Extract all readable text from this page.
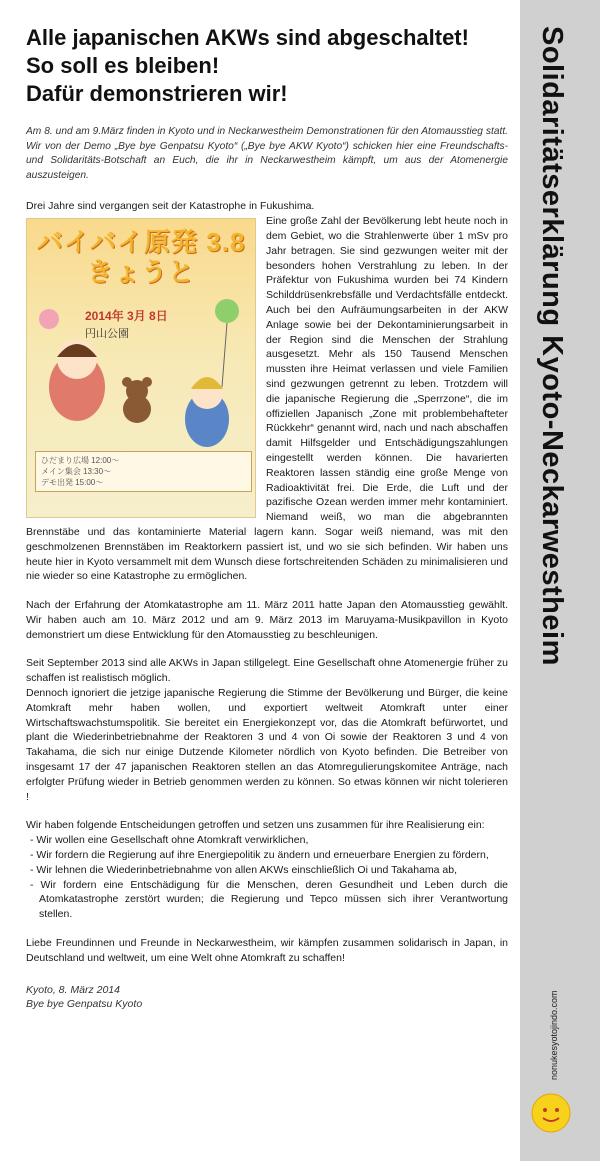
Alle japanischen AKWs sind abgeschaltet!
So soll es bleiben!
Dafür demonstrieren wir!
Am 8. und am 9.März finden in Kyoto und in Neckarwestheim Demonstrationen für den Atomausstieg statt. Wir von der Demo „Bye bye Genpatsu Kyoto“ („Bye bye AKW Kyoto“) schicken hier eine Freundschafts- und Solidaritäts-Botschaft an Euch, die ihr in Neckarwestheim kämpft, um aus der Atomenergie auszusteigen.

Drei Jahre sind vergangen seit der Katastrophe in Fukushima.

バイバイ原発 3.8きょうと
2014年 3月 8日
円山公園
ひだまり広場 12:00〜
メイン集会 13:30〜
デモ出発 15:00〜

Eine große Zahl der Bevölkerung lebt heute noch in dem Gebiet, wo die Strahlenwerte über 1 mSv pro Jahr betragen. Sie sind gezwungen weiter mit der besonders hohen Verstrahlung zu leben. In der Präfektur von Fukushima wurden bei 74 Kindern Schilddrüsenkrebsfälle und Verdachtsfälle entdeckt. Auch bei den Aufräumungsarbeiten in der AKW Anlage sowie bei der Dekontaminierungsarbeit in der Region sind die Menschen der Strahlung ausgesetzt. Mehr als 150 Tausend Menschen mussten ihre Heimat verlassen und viele Familien sind gezwungen getrennt zu leben. Trotzdem will die japanische Regierung die „Sperrzone“, die im offiziellen Japanisch „Zone mit problembehafteter Rückkehr“ genannt wird, nach und nach abschaffen damit Hilfsgelder und Entschädigungszahlungen eingestellt werden können. Die havarierten Reaktoren lassen ständig eine große Menge von Radioaktivität frei. Die Erde, die Luft und der pazifische Ozean werden immer mehr kontaminiert. Niemand weiß, wo man die abgebrannten Brennstäbe und das kontaminierte Material lagern kann. Sogar weiß niemand, was mit den geschmolzenen Brennstäben im Reaktorkern passiert ist, und wo sie sich befinden. Wir haben uns heute hier in Kyoto versammelt mit dem Wunsch diese fortschreitenden Schäden zu minimalisieren und nie wieder so eine Katastrophe zu ermöglichen.

Nach der Erfahrung der Atomkatastrophe am 11. März 2011 hatte Japan den Atomausstieg gewählt. Wir haben auch am 10. März 2012 und am 9. März 2013 im Maruyama-Musikpavillon in Kyoto demonstriert um diese Entwicklung für den Atomausstieg zu beschleunigen.

Seit September 2013 sind alle AKWs in Japan stillgelegt. Eine Gesellschaft ohne Atomenergie früher zu schaffen ist realistisch möglich.

Dennoch ignoriert die jetzige japanische Regierung die Stimme der Bevölkerung und Bürger, die keine Atomkraft mehr haben wollen, und exportiert weltweit Atomkraft unter einer Wirtschaftswachstumspolitik. Sie bereitet ein Energiekonzept vor, das die Atomkraft befürwortet, und plant die Wiederinbetriebnahme der Reaktoren 3 und 4 von Oi sowie der Reaktoren 3 und 4 von Takahama, die sich nur einige Dutzende Kilometer nördlich von Kyoto befinden. Die Betreiber von insgesamt 17 der 47 japanischen Reaktoren stellen an das Atomregulierungskomitee Anträge, nach erfolgter Prüfung wieder in Betrieb genommen werden zu können. So etwas können wir nicht tolerieren !

Wir haben folgende Entscheidungen getroffen und setzen uns zusammen für ihre Realisierung ein:

- Wir wollen eine Gesellschaft ohne Atomkraft verwirklichen,
- Wir fordern die Regierung auf ihre Energiepolitik zu ändern und erneuerbare Energien zu fördern,
- Wir lehnen die Wiederinbetriebnahme von allen AKWs einschließlich Oi und Takahama ab,
- Wir fordern eine Entschädigung für die Menschen, deren Gesundheit und Leben durch die Atomkatastrophe zerstört wurden; die Regierung und Tepco müssen sich ihrer Verantwortung stellen.

Liebe Freundinnen und Freunde in Neckarwestheim, wir kämpfen zusammen solidarisch in Japan, in Deutschland und weltweit, um eine Welt ohne Atomkraft zu schaffen!

Kyoto, 8. März 2014
Bye bye Genpatsu Kyoto
Solidaritätserklärung Kyoto-Neckarwestheim
nonukesyotojindo.com
